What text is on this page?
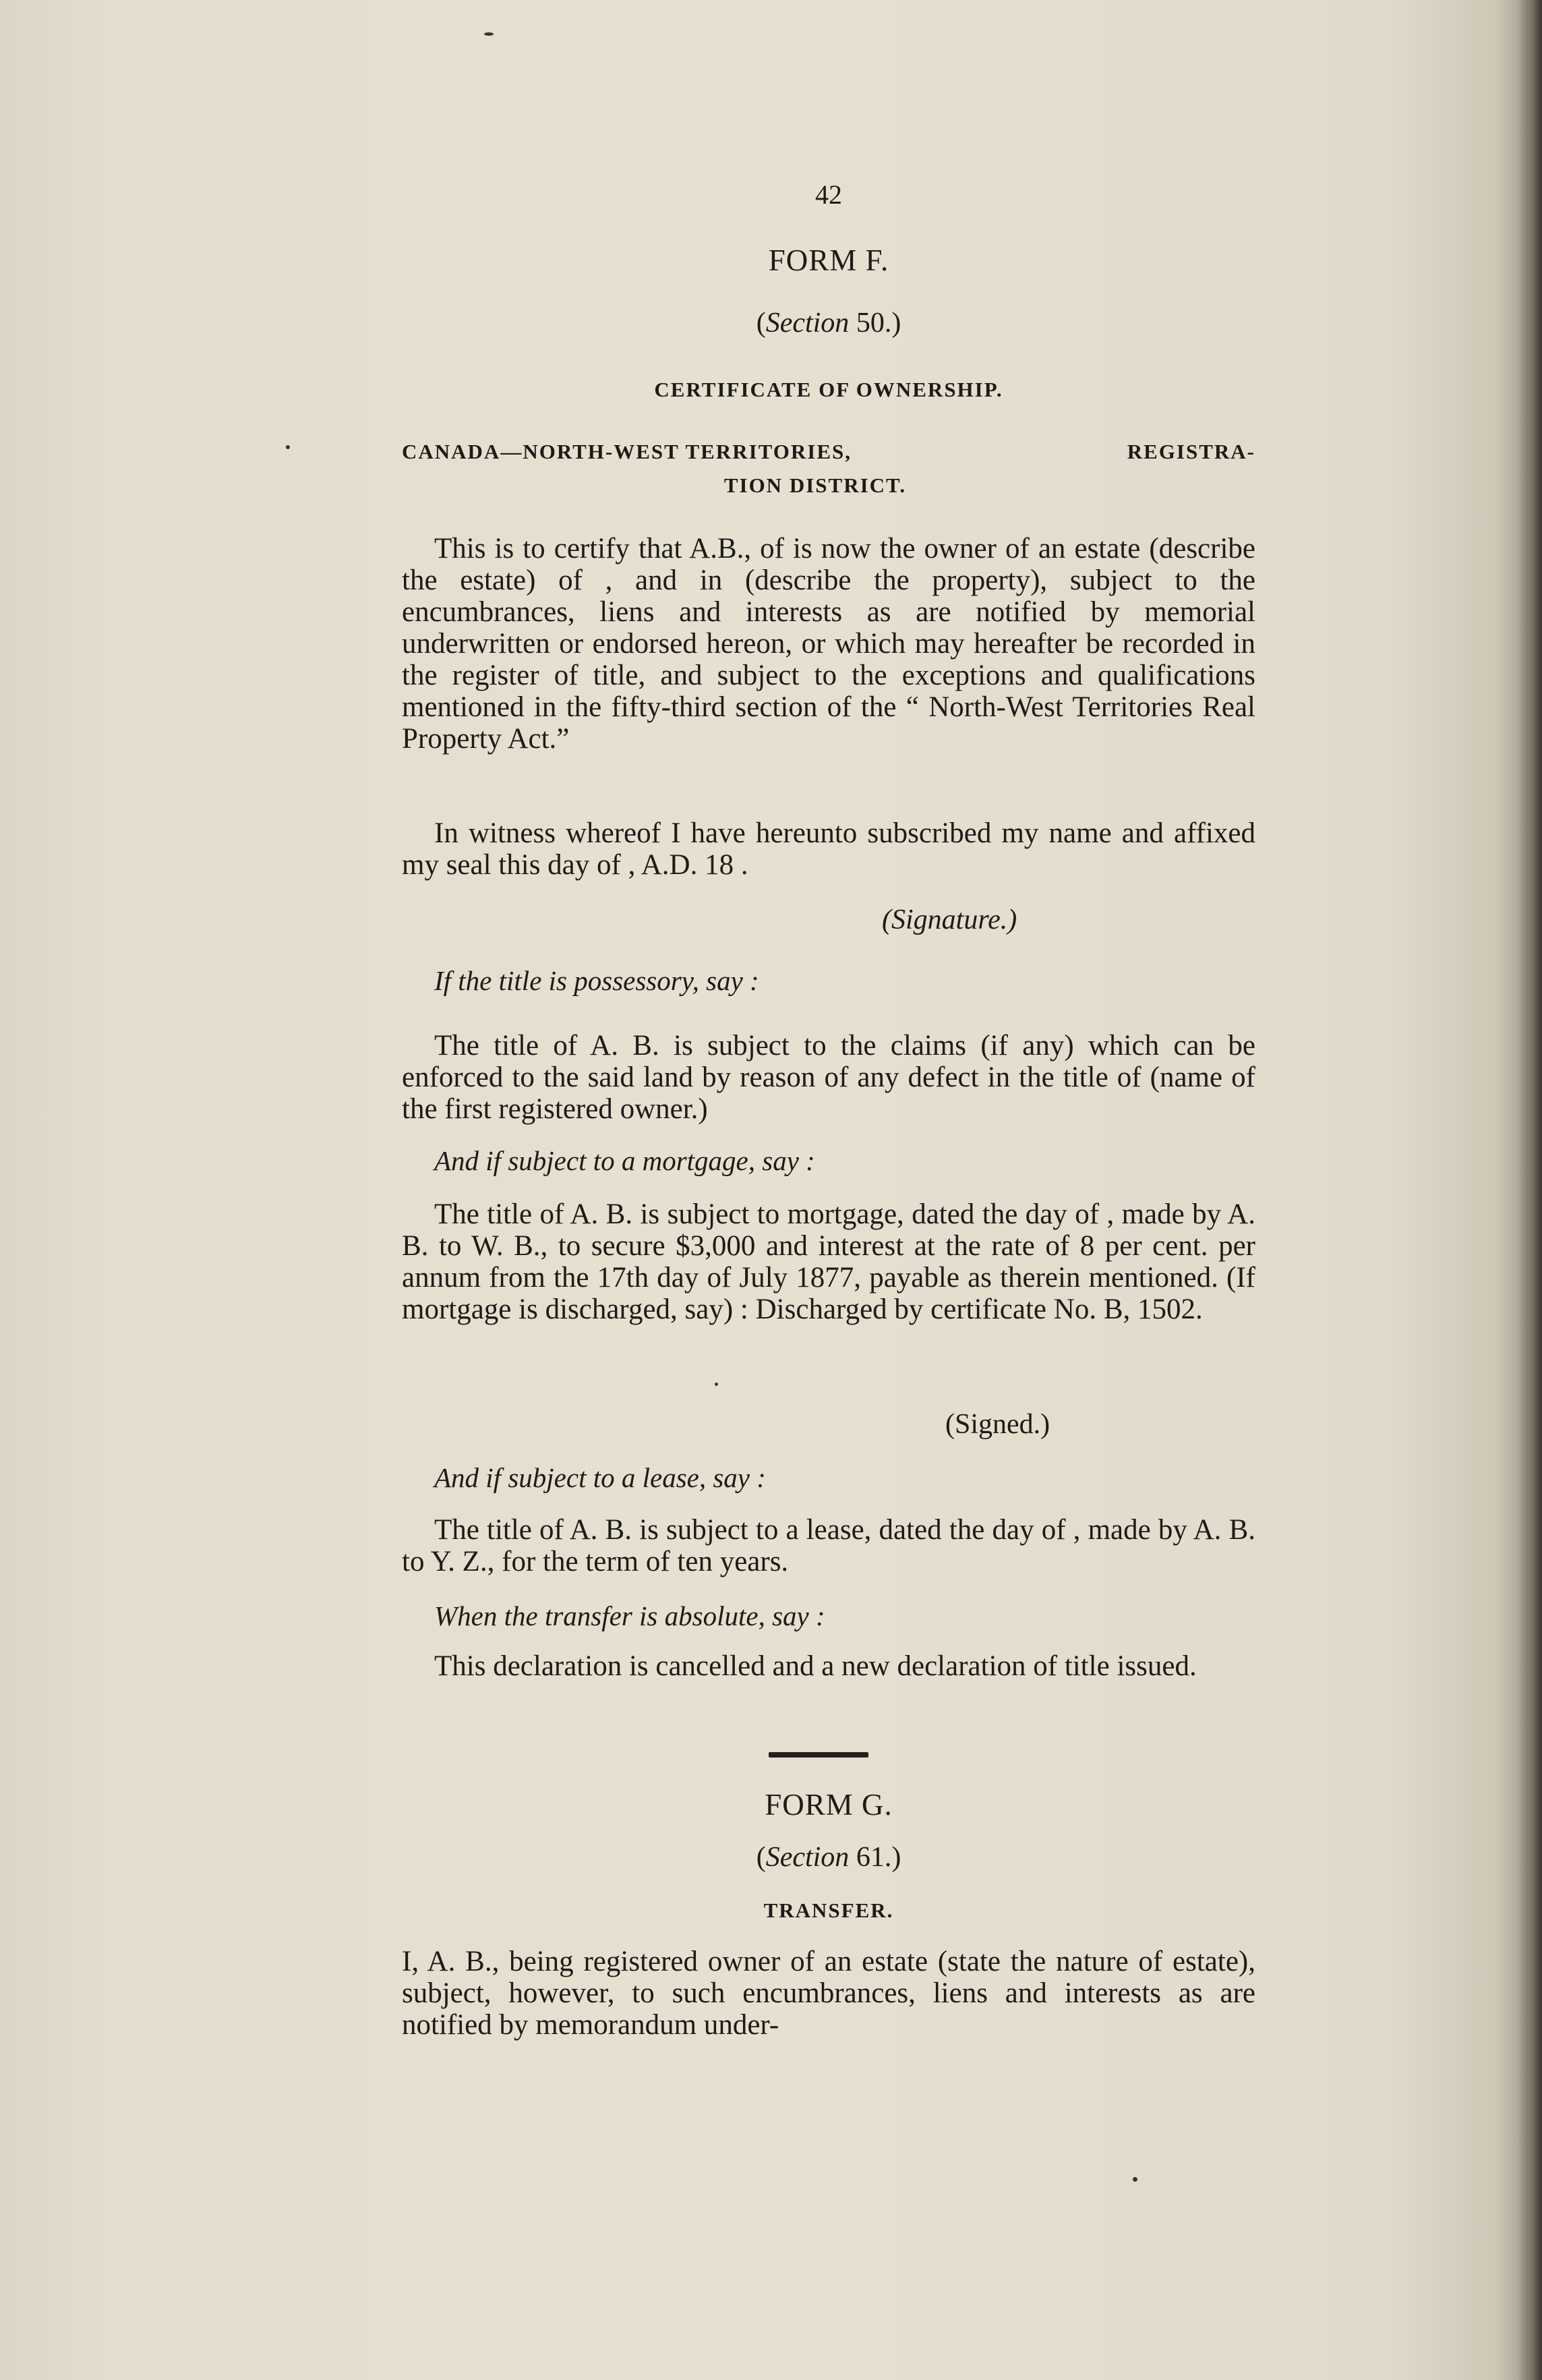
42
FORM F.
(Section 50.)
CERTIFICATE OF OWNERSHIP.
CANADA—NORTH-WEST TERRITORIES,	REGISTRA-
TION DISTRICT.
This is to certify that A.B., of is now the owner of an estate (describe the estate) of , and in (describe the property), subject to the encumbrances, liens and interests as are notified by memorial underwritten or endorsed hereon, or which may hereafter be recorded in the register of title, and subject to the exceptions and qualifications mentioned in the fifty-third section of the “ North-West Territories Real Property Act.”
In witness whereof I have hereunto subscribed my name and affixed my seal this day of , A.D. 18 .
(Signature.)
If the title is possessory, say :
The title of A. B. is subject to the claims (if any) which can be enforced to the said land by reason of any defect in the title of (name of the first registered owner.)
And if subject to a mortgage, say :
The title of A. B. is subject to mortgage, dated the day of , made by A. B. to W. B., to secure $3,000 and interest at the rate of 8 per cent. per annum from the 17th day of July 1877, payable as therein mentioned. (If mortgage is discharged, say) : Discharged by certificate No. B, 1502.
(Signed.)
And if subject to a lease, say :
The title of A. B. is subject to a lease, dated the day of , made by A. B. to Y. Z., for the term of ten years.
When the transfer is absolute, say :
This declaration is cancelled and a new declaration of title issued.
FORM G.
(Section 61.)
TRANSFER.
I, A. B., being registered owner of an estate (state the nature of estate), subject, however, to such encumbrances, liens and interests as are notified by memorandum under-
